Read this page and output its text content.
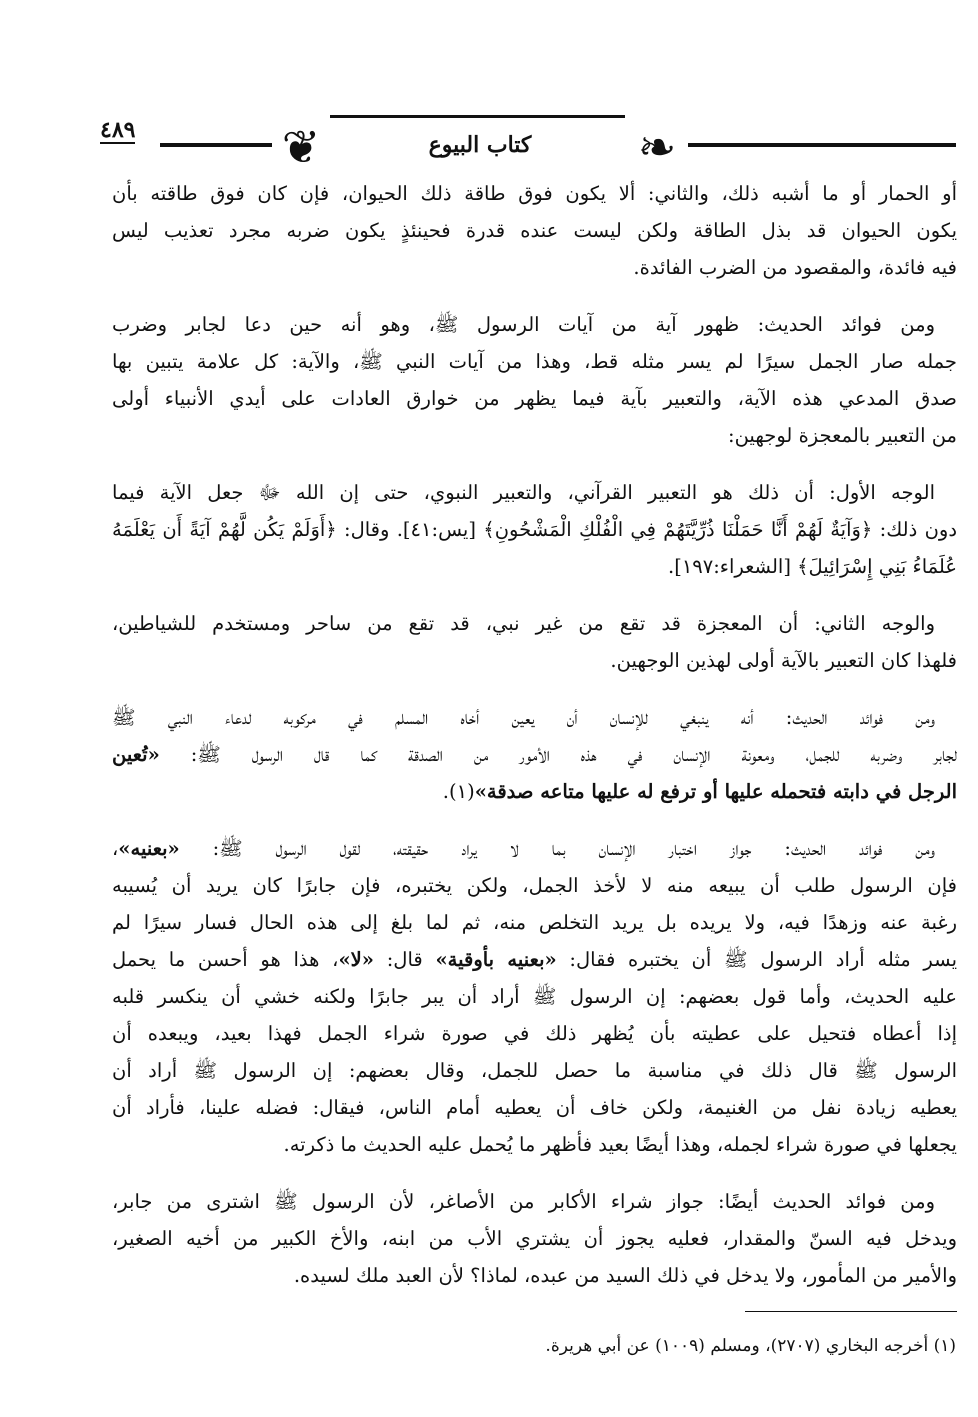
٤٨٩	❦	❧
كتاب البيوع
أو الحمار أو ما أشبه ذلك، والثاني: ألا يكون فوق طاقة ذلك الحيوان، فإن كان فوق طاقته بأن
يكون الحيوان قد بذل الطاقة ولكن ليست عنده قدرة فحينئذٍ يكون ضربه مجرد تعذيب ليس
فيه فائدة، والمقصود من الضرب الفائدة.
ومن فوائد الحديث: ظهور آية من آيات الرسول ﷺ، وهو أنه حين دعا لجابر وضرب
جمله صار الجمل سيرًا لم يسر مثله قط، وهذا من آيات النبي ﷺ، والآية: كل علامة يتبين بها
صدق المدعي هذه الآية، والتعبير بآية فيما يظهر من خوارق العادات على أيدي الأنبياء أولى
من التعبير بالمعجزة لوجهين:
الوجه الأول: أن ذلك هو التعبير القرآني، والتعبير النبوي، حتى إن الله ﷻ جعل الآية فيما
دون ذلك: ﴿وَآيَةٌ لَهُمْ أَنَّا حَمَلْنَا ذُرِّيَّتَهُمْ فِي الْفُلْكِ الْمَشْحُونِ﴾ [يس:٤١]. وقال: ﴿أَوَلَمْ يَكُن لَّهُمْ آيَةً أَن يَعْلَمَهُ
عُلَمَاءُ بَنِي إِسْرَائِيلَ﴾ [الشعراء:١٩٧].
والوجه الثاني: أن المعجزة قد تقع من غير نبي، قد تقع من ساحر ومستخدم للشياطين،
فلهذا كان التعبير بالآية أولى لهذين الوجهين.
ومن فوائد الحديث: أنه ينبغي للإنسان أن يعين أخاه المسلم في مركوبه لدعاء النبي ﷺ
لجابر وضربه للجمل، ومعونة الإنسان في هذه الأمور من الصدقة كما قال الرسول ﷺ: «تُعين
الرجل في دابته فتحمله عليها أو ترفع له عليها متاعه صدقة»(١).
ومن فوائد الحديث: جواز اختبار الإنسان بما لا يراد حقيقته، لقول الرسول ﷺ: «بعنيه»،
فإن الرسول طلب أن يبيعه منه لا لأخذ الجمل، ولكن يختبره، فإن جابرًا كان يريد أن يُسيبه
رغبة عنه وزهدًا فيه، ولا يريده بل يريد التخلص منه، ثم لما بلغ إلى هذه الحال فسار سيرًا لم
يسر مثله أراد الرسول ﷺ أن يختبره فقال: «بعنيه بأوقية» قال: «لا»، هذا هو أحسن ما يحمل
عليه الحديث، وأما قول بعضهم: إن الرسول ﷺ أراد أن يبر جابرًا ولكنه خشي أن ينكسر قلبه
إذا أعطاه فتحيل على عطيته بأن يُظهر ذلك في صورة شراء الجمل فهذا بعيد، ويبعده أن
الرسول ﷺ قال ذلك في مناسبة ما حصل للجمل، وقال بعضهم: إن الرسول ﷺ أراد أن
يعطيه زيادة نفل من الغنيمة، ولكن خاف أن يعطيه أمام الناس، فيقال: فضله علينا، فأراد أن
يجعلها في صورة شراء لجمله، وهذا أيضًا بعيد فأظهر ما يُحمل عليه الحديث ما ذكرته.
ومن فوائد الحديث أيضًا: جواز شراء الأكابر من الأصاغر، لأن الرسول ﷺ اشترى من جابر،
ويدخل فيه السنّ والمقدار، فعليه يجوز أن يشتري الأب من ابنه، والأخ الكبير من أخيه الصغير،
والأمير من المأمور، ولا يدخل في ذلك السيد من عبده، لماذا؟ لأن العبد ملك لسيده.
(١) أخرجه البخاري (٢٧٠٧)، ومسلم (١٠٠٩) عن أبي هريرة.
